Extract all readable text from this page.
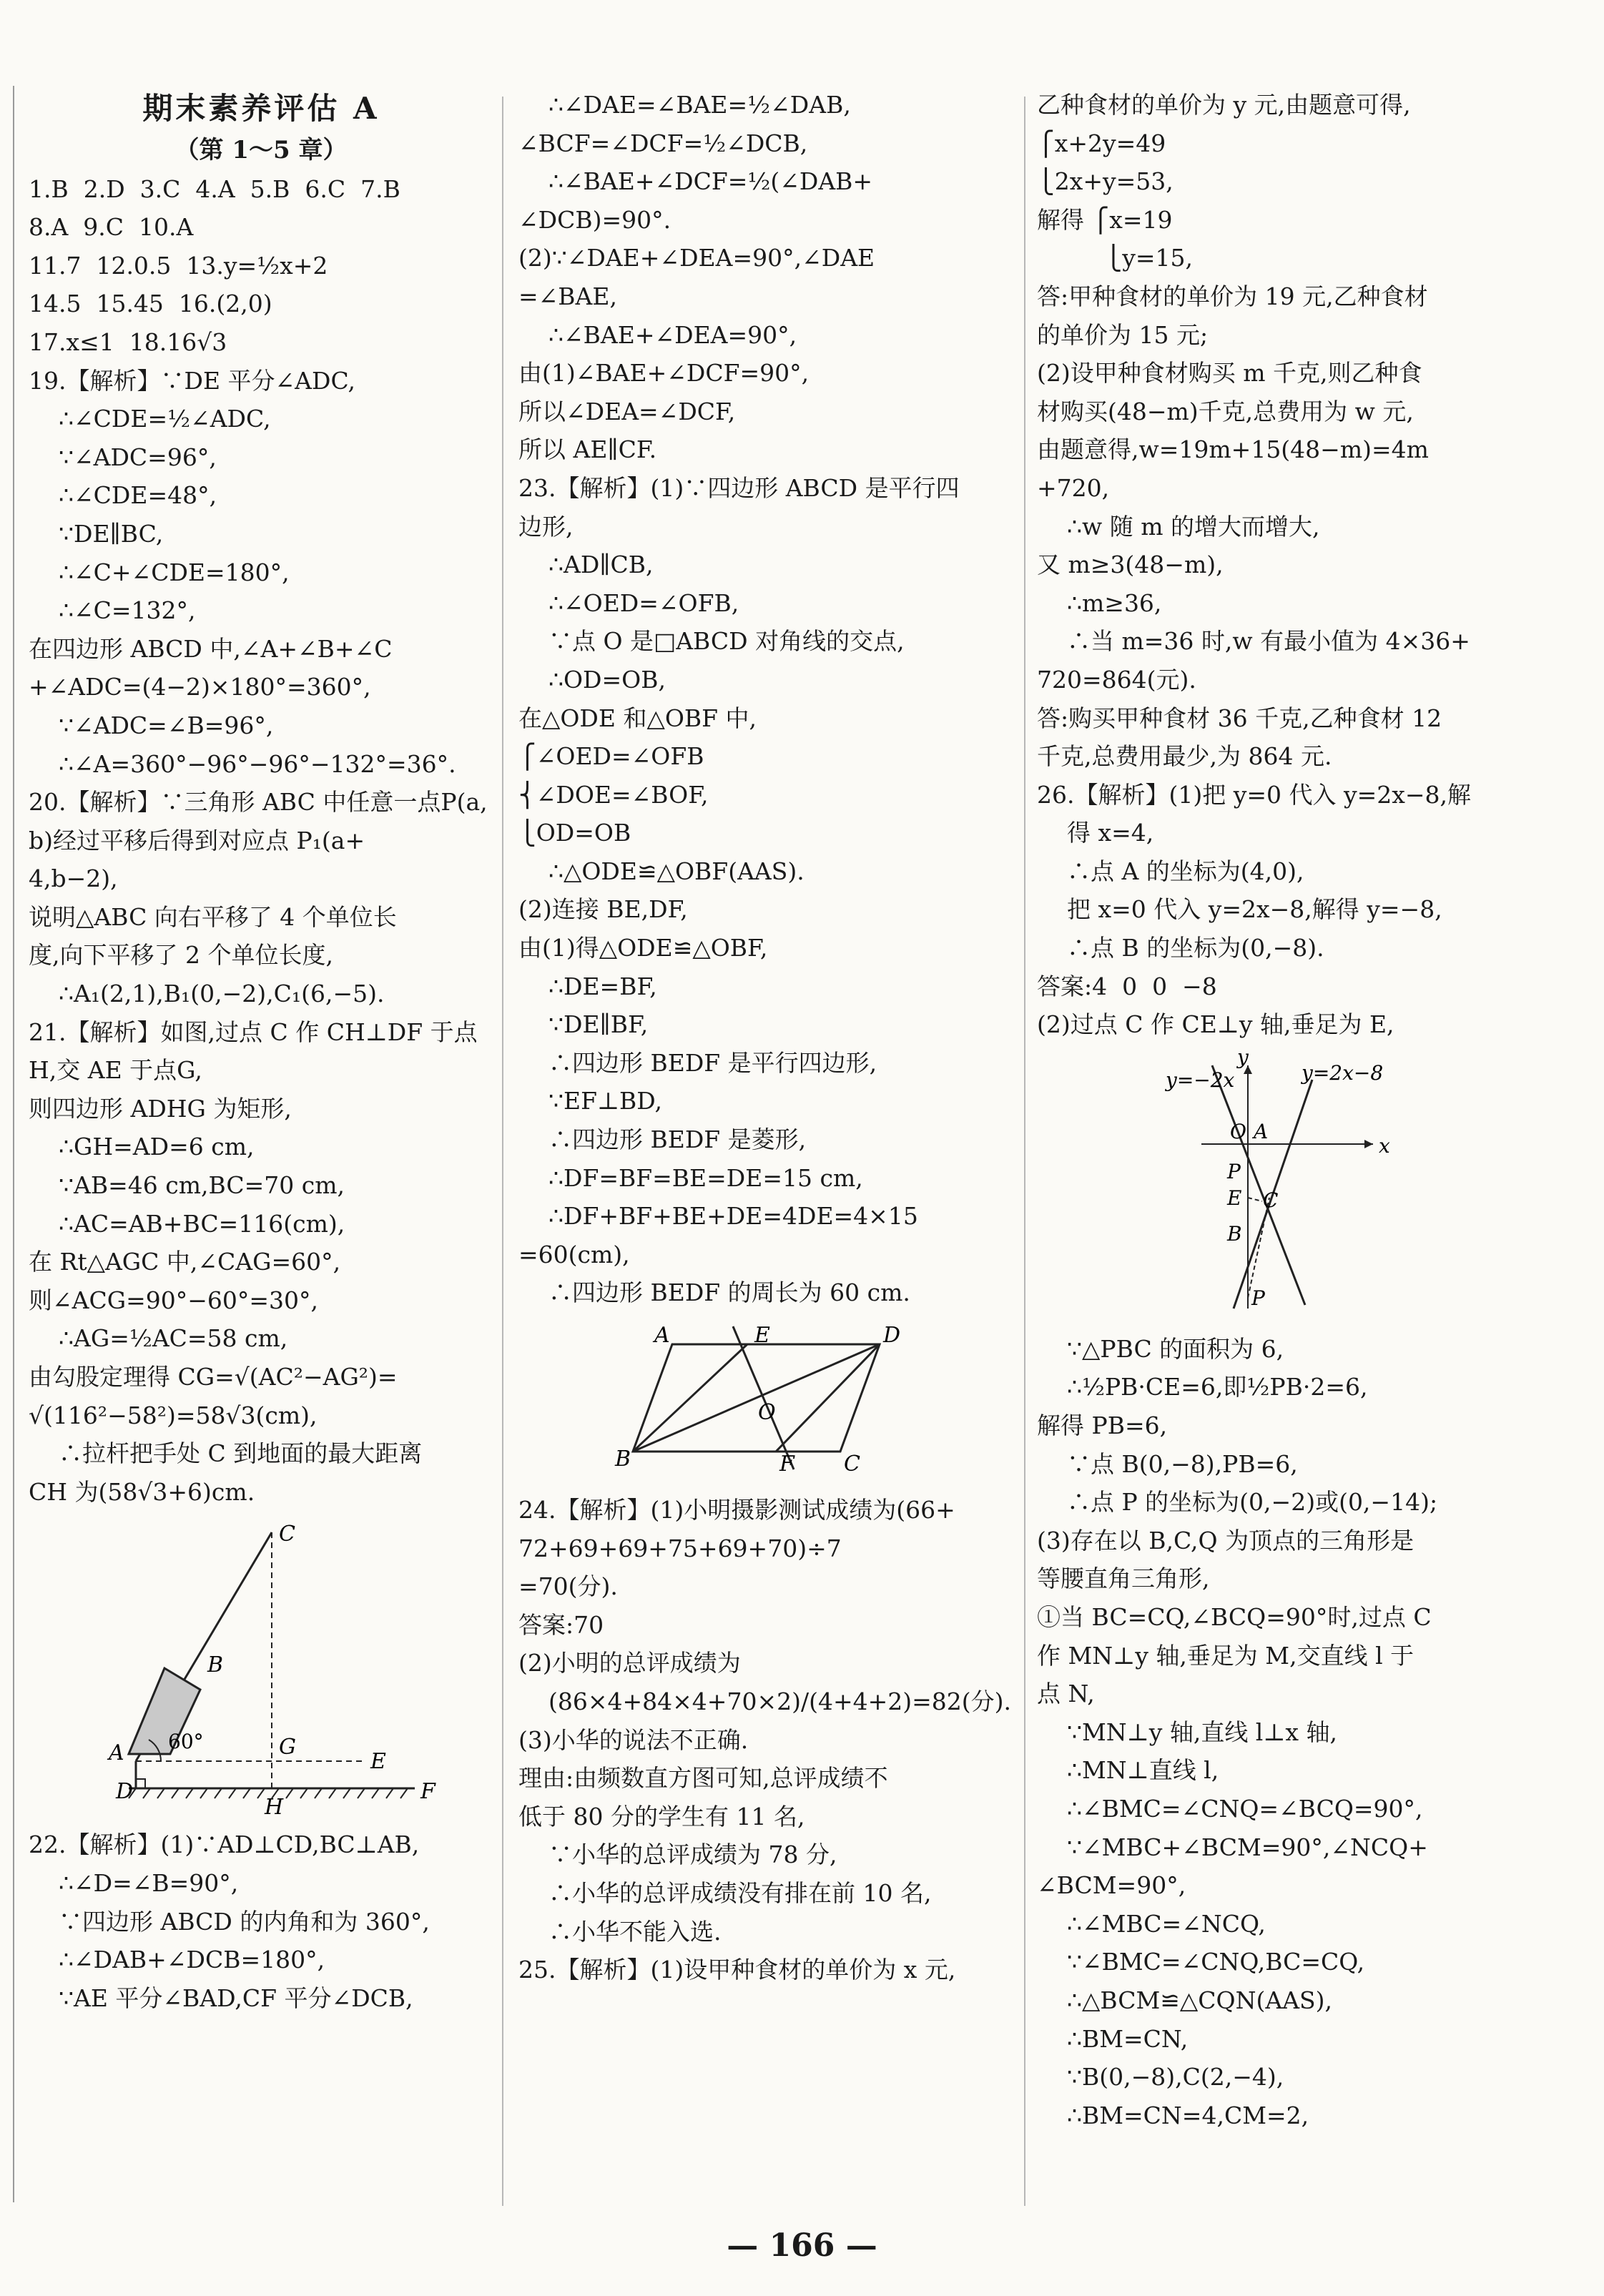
期末素养评估 A
（第 1～5 章）
1.B  2.D  3.C  4.A  5.B  6.C  7.B
8.A  9.C  10.A
11.7  12.0.5  13.y=½x+2
14.5  15.45  16.(2,0)
17.x≤1  18.16√3
19.【解析】∵DE 平分∠ADC,
∴∠CDE=½∠ADC,
∵∠ADC=96°,
∴∠CDE=48°,
∵DE∥BC,
∴∠C+∠CDE=180°,
∴∠C=132°,
在四边形 ABCD 中,∠A+∠B+∠C
+∠ADC=(4−2)×180°=360°,
∵∠ADC=∠B=96°,
∴∠A=360°−96°−96°−132°=36°.
20.【解析】∵三角形 ABC 中任意一点P(a,
b)经过平移后得到对应点 P₁(a+
4,b−2),
说明△ABC 向右平移了 4 个单位长
度,向下平移了 2 个单位长度,
∴A₁(2,1),B₁(0,−2),C₁(6,−5).
21.【解析】如图,过点 C 作 CH⊥DF 于点
H,交 AE 于点G,
则四边形 ADHG 为矩形,
∴GH=AD=6 cm,
∵AB=46 cm,BC=70 cm,
∴AC=AB+BC=116(cm),
在 Rt△AGC 中,∠CAG=60°,
则∠ACG=90°−60°=30°,
∴AG=½AC=58 cm,
由勾股定理得 CG=√(AC²−AG²)=
√(116²−58²)=58√3(cm),
∴拉杆把手处 C 到地面的最大距离
CH 为(58√3+6)cm.
C
B
A	G
E
D
H
F
60°
22.【解析】(1)∵AD⊥CD,BC⊥AB,
∴∠D=∠B=90°,
∵四边形 ABCD 的内角和为 360°,
∴∠DAB+∠DCB=180°,
∵AE 平分∠BAD,CF 平分∠DCB,
∴∠DAE=∠BAE=½∠DAB,
∠BCF=∠DCF=½∠DCB,
∴∠BAE+∠DCF=½(∠DAB+
∠DCB)=90°.
(2)∵∠DAE+∠DEA=90°,∠DAE
=∠BAE,
∴∠BAE+∠DEA=90°,
由(1)∠BAE+∠DCF=90°,
所以∠DEA=∠DCF,
所以 AE∥CF.
23.【解析】(1)∵四边形 ABCD 是平行四
边形,
∴AD∥CB,
∴∠OED=∠OFB,
∵点 O 是□ABCD 对角线的交点,
∴OD=OB,
在△ODE 和△OBF 中,
⎧∠OED=∠OFB
⎨∠DOE=∠BOF,
⎩OD=OB
∴△ODE≌△OBF(AAS).
(2)连接 BE,DF,
由(1)得△ODE≌△OBF,
∴DE=BF,
∵DE∥BF,
∴四边形 BEDF 是平行四边形,
∵EF⊥BD,
∴四边形 BEDF 是菱形,
∴DF=BF=BE=DE=15 cm,
∴DF+BF+BE+DE=4DE=4×15
=60(cm),
∴四边形 BEDF 的周长为 60 cm.
A	E	D
O
B	F C
24.【解析】(1)小明摄影测试成绩为(66+
72+69+69+75+69+70)÷7
=70(分).
答案:70
(2)小明的总评成绩为
(86×4+84×4+70×2)/(4+4+2)=82(分).
(3)小华的说法不正确.
理由:由频数直方图可知,总评成绩不
低于 80 分的学生有 11 名,
∵小华的总评成绩为 78 分,
∴小华的总评成绩没有排在前 10 名,
∴小华不能入选.
25.【解析】(1)设甲种食材的单价为 x 元,
乙种食材的单价为 y 元,由题意可得,
⎧x+2y=49
⎩2x+y=53,
解得 ⎧x=19
⎩y=15,
答:甲种食材的单价为 19 元,乙种食材
的单价为 15 元;
(2)设甲种食材购买 m 千克,则乙种食
材购买(48−m)千克,总费用为 w 元,
由题意得,w=19m+15(48−m)=4m
+720,
∴w 随 m 的增大而增大,
又 m≥3(48−m),
∴m≥36,
∴当 m=36 时,w 有最小值为 4×36+
720=864(元).
答:购买甲种食材 36 千克,乙种食材 12
千克,总费用最少,为 864 元.
26.【解析】(1)把 y=0 代入 y=2x−8,解
得 x=4,
∴点 A 的坐标为(4,0),
把 x=0 代入 y=2x−8,解得 y=−8,
∴点 B 的坐标为(0,−8).
答案:4  0  0  −8
(2)过点 C 作 CE⊥y 轴,垂足为 E,
y
x
y=−2x	y=2x−8
O A
P
E C
B
P
∵△PBC 的面积为 6,
∴½PB·CE=6,即½PB·2=6,
解得 PB=6,
∵点 B(0,−8),PB=6,
∴点 P 的坐标为(0,−2)或(0,−14);
(3)存在以 B,C,Q 为顶点的三角形是
等腰直角三角形,
①当 BC=CQ,∠BCQ=90°时,过点 C
作 MN⊥y 轴,垂足为 M,交直线 l 于
点 N,
∵MN⊥y 轴,直线 l⊥x 轴,
∴MN⊥直线 l,
∴∠BMC=∠CNQ=∠BCQ=90°,
∵∠MBC+∠BCM=90°,∠NCQ+
∠BCM=90°,
∴∠MBC=∠NCQ,
∵∠BMC=∠CNQ,BC=CQ,
∴△BCM≌△CQN(AAS),
∴BM=CN,
∵B(0,−8),C(2,−4),
∴BM=CN=4,CM=2,
— 166 —
